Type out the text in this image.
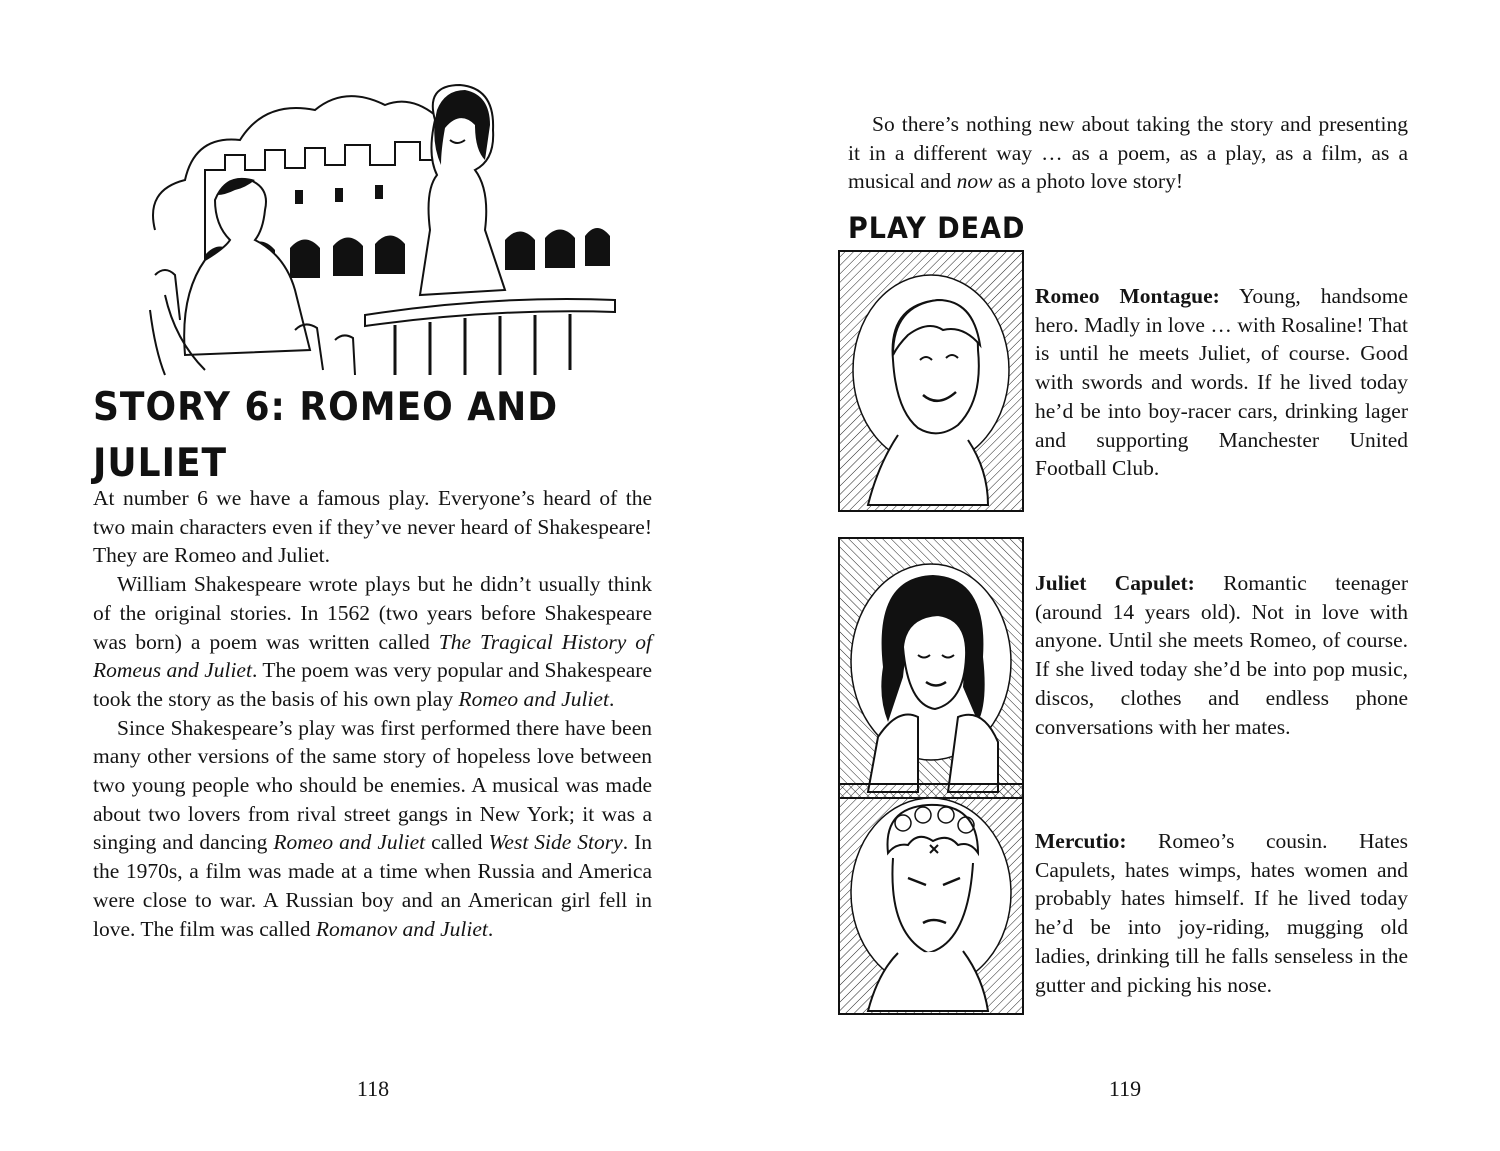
STORY 6: ROMEO AND JULIET

At number 6 we have a famous play. Everyone’s heard of the two main characters even if they’ve never heard of Shakespeare! They are Romeo and Juliet.

William Shakespeare wrote plays but he didn’t usually think of the original stories. In 1562 (two years before Shakespeare was born) a poem was written called The Tragical History of Romeus and Juliet. The poem was very popular and Shakespeare took the story as the basis of his own play Romeo and Juliet.

Since Shakespeare’s play was first performed there have been many other versions of the same story of hopeless love between two young people who should be enemies. A musical was made about two lovers from rival street gangs in New York; it was a singing and dancing Romeo and Juliet called West Side Story. In the 1970s, a film was made at a time when Russia and America were close to war. A Russian boy and an American girl fell in love. The film was called Romanov and Juliet.

118

So there’s nothing new about taking the story and presenting it in a different way … as a poem, as a play, as a film, as a musical and now as a photo love story!

PLAY DEAD

Romeo Montague: Young, handsome hero. Madly in love … with Rosaline! That is until he meets Juliet, of course. Good with swords and words. If he lived today he’d be into boy-racer cars, drinking lager and supporting Manchester United Football Club.

Juliet Capulet: Romantic teenager (around 14 years old). Not in love with anyone. Until she meets Romeo, of course. If she lived today she’d be into pop music, discos, clothes and endless phone conversations with her mates.

Mercutio: Romeo’s cousin. Hates Capulets, hates wimps, hates women and probably hates himself. If he lived today he’d be into joy-riding, mugging old ladies, drinking till he falls senseless in the gutter and picking his nose.

119
